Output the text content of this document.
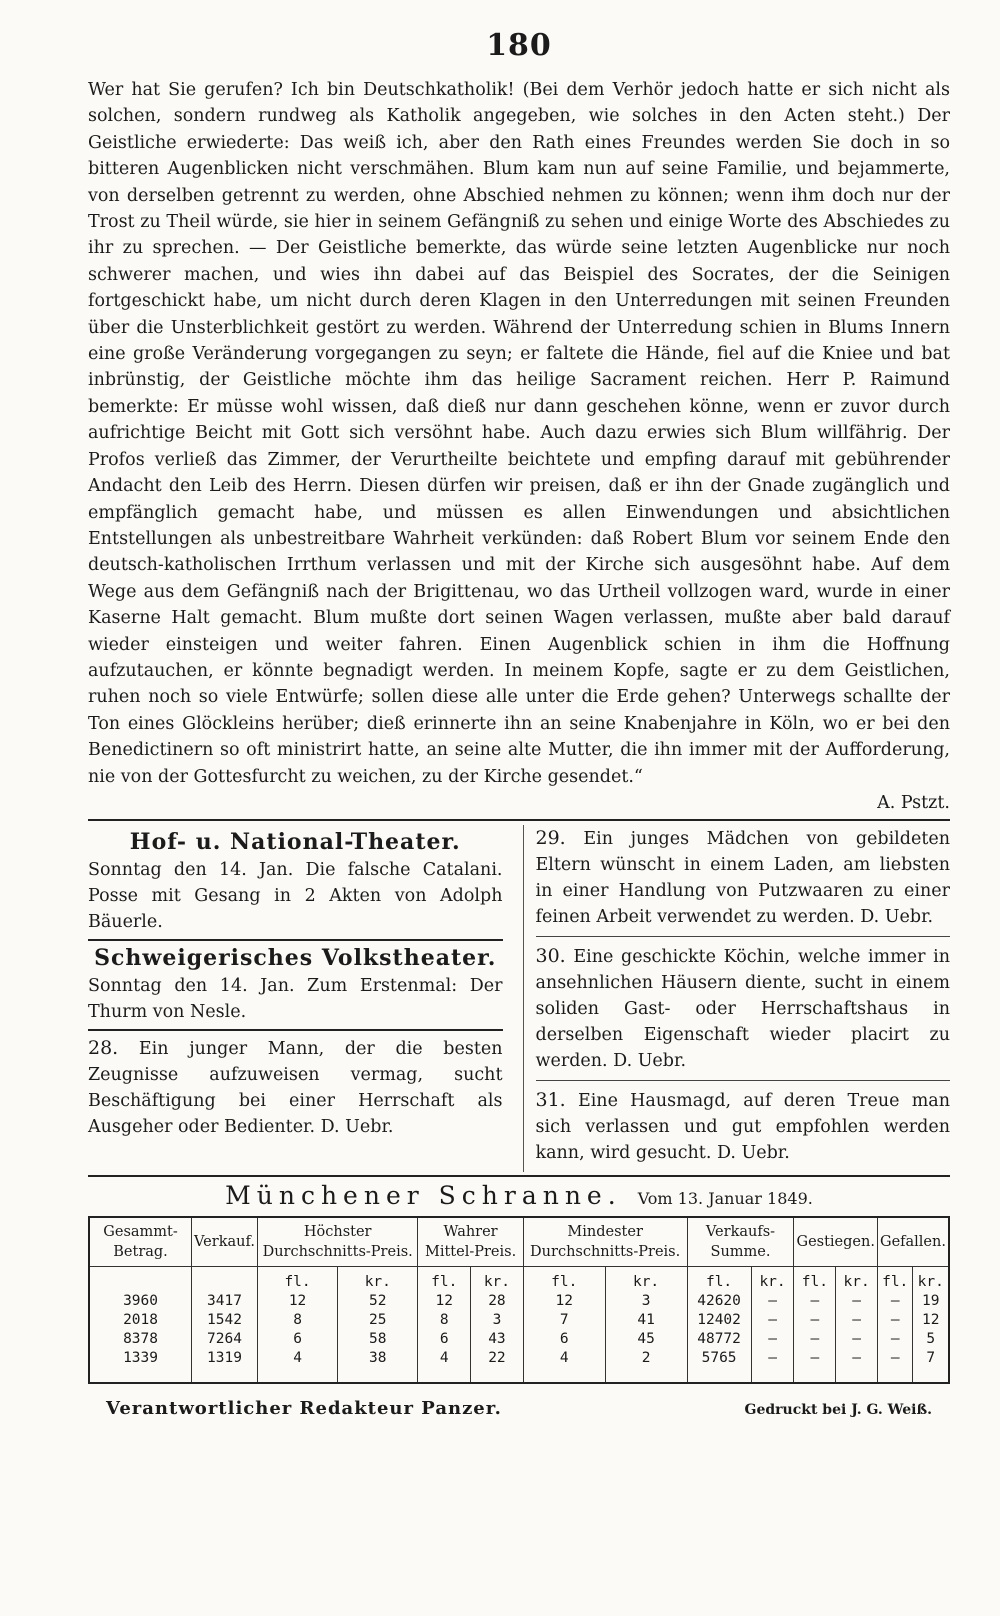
180

Wer hat Sie gerufen? Ich bin Deutschkatholik! (Bei dem Verhör jedoch hatte er sich nicht als solchen, sondern rundweg als Katholik angegeben, wie solches in den Acten steht.) Der Geistliche erwiederte: Das weiß ich, aber den Rath eines Freundes werden Sie doch in so bitteren Augenblicken nicht verschmähen. Blum kam nun auf seine Familie, und bejammerte, von derselben getrennt zu werden, ohne Abschied nehmen zu können; wenn ihm doch nur der Trost zu Theil würde, sie hier in seinem Gefängniß zu sehen und einige Worte des Abschiedes zu ihr zu sprechen. — Der Geistliche bemerkte, das würde seine letzten Augenblicke nur noch schwerer machen, und wies ihn dabei auf das Beispiel des Socrates, der die Seinigen fortgeschickt habe, um nicht durch deren Klagen in den Unterredungen mit seinen Freunden über die Unsterblichkeit gestört zu werden. Während der Unterredung schien in Blums Innern eine große Veränderung vorgegangen zu seyn; er faltete die Hände, fiel auf die Kniee und bat inbrünstig, der Geistliche möchte ihm das heilige Sacrament reichen. Herr P. Raimund bemerkte: Er müsse wohl wissen, daß dieß nur dann geschehen könne, wenn er zuvor durch aufrichtige Beicht mit Gott sich versöhnt habe. Auch dazu erwies sich Blum willfährig. Der Profos verließ das Zimmer, der Verurtheilte beichtete und empfing darauf mit gebührender Andacht den Leib des Herrn. Diesen dürfen wir preisen, daß er ihn der Gnade zugänglich und empfänglich gemacht habe, und müssen es allen Einwendungen und absichtlichen Entstellungen als unbestreitbare Wahrheit verkünden: daß Robert Blum vor seinem Ende den deutsch-katholischen Irrthum verlassen und mit der Kirche sich ausgesöhnt habe. Auf dem Wege aus dem Gefängniß nach der Brigittenau, wo das Urtheil vollzogen ward, wurde in einer Kaserne Halt gemacht. Blum mußte dort seinen Wagen verlassen, mußte aber bald darauf wieder einsteigen und weiter fahren. Einen Augenblick schien in ihm die Hoffnung aufzutauchen, er könnte begnadigt werden. In meinem Kopfe, sagte er zu dem Geistlichen, ruhen noch so viele Entwürfe; sollen diese alle unter die Erde gehen? Unterwegs schallte der Ton eines Glöckleins herüber; dieß erinnerte ihn an seine Knabenjahre in Köln, wo er bei den Benedictinern so oft ministrirt hatte, an seine alte Mutter, die ihn immer mit der Aufforderung, nie von der Gottesfurcht zu weichen, zu der Kirche gesendet.“
A. Pstzt.

Hof- u. National-Theater.

Sonntag den 14. Jan. Die falsche Catalani. Posse mit Gesang in 2 Akten von Adolph Bäuerle.

Schweigerisches Volkstheater.

Sonntag den 14. Jan. Zum Erstenmal: Der Thurm von Nesle.

28. Ein junger Mann, der die besten Zeugnisse aufzuweisen vermag, sucht Beschäftigung bei einer Herrschaft als Ausgeher oder Bedienter. D. Uebr.

29. Ein junges Mädchen von gebildeten Eltern wünscht in einem Laden, am liebsten in einer Handlung von Putzwaaren zu einer feinen Arbeit verwendet zu werden. D. Uebr.

30. Eine geschickte Köchin, welche immer in ansehnlichen Häusern diente, sucht in einem soliden Gast- oder Herrschaftshaus in derselben Eigenschaft wieder placirt zu werden. D. Uebr.

31. Eine Hausmagd, auf deren Treue man sich verlassen und gut empfohlen werden kann, wird gesucht. D. Uebr.

Münchener Schranne. Vom 13. Januar 1849.
Gesammt-Betrag.	Verkauf.	Höchster Durchschnitts-Preis.		Wahrer Mittel-Preis.		Mindester Durchschnitts-Preis.		Verkaufs-Summe.		Gestiegen.		Gefallen.	
		fl.	kr.	fl.	kr.	fl.	kr.	fl.	kr.	fl.	kr.	fl.	kr.
3960	3417	12	52	12	28	12	3	42620	—	—	—	—	19
2018	1542	8	25	8	3	7	41	12402	—	—	—	—	12
8378	7264	6	58	6	43	6	45	48772	—	—	—	—	5
1339	1319	4	38	4	22	4	2	5765	—	—	—	—	7
Verantwortlicher Redakteur Panzer.	Gedruckt bei J. G. Weiß.
